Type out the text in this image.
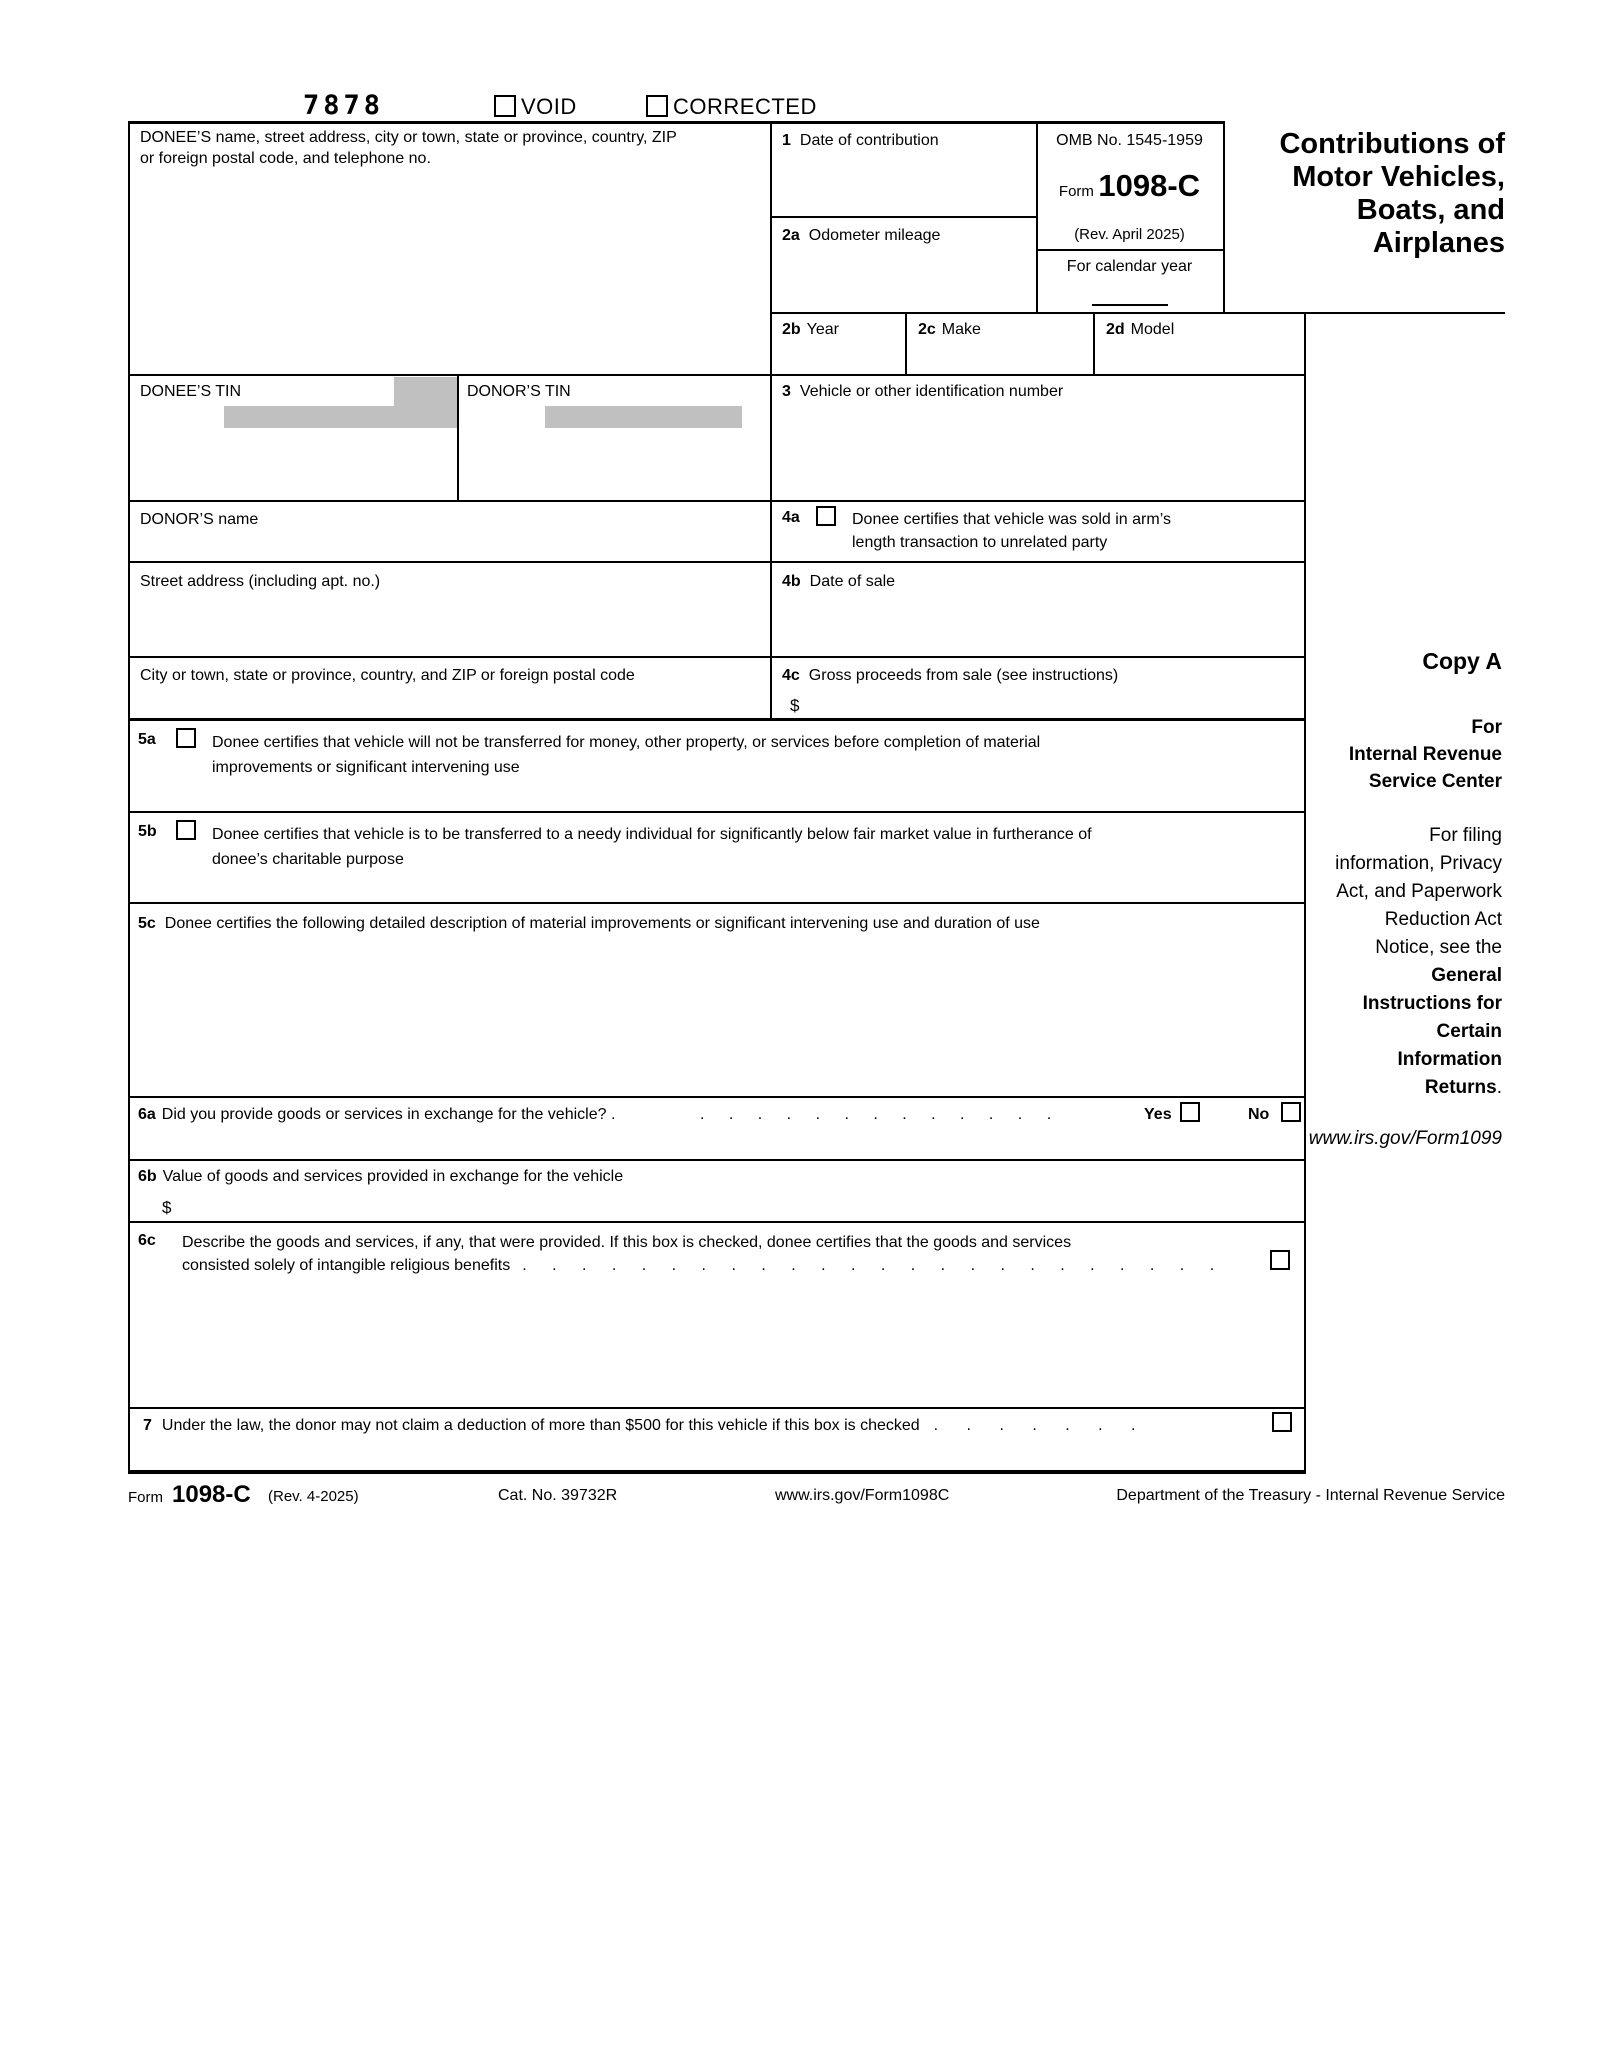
7878	VOID	CORRECTED
Contributions of
Motor Vehicles,
Boats, and
Airplanes
OMB No. 1545-1959
Form 1098-C
(Rev. April 2025)
For calendar year
DONEE’S name, street address, city or town, state or province, country, ZIP
or foreign postal code, and telephone no.
DONEE’S TIN	DONOR’S TIN
DONOR’S name
Street address (including apt. no.)
City or town, state or province, country, and ZIP or foreign postal code
1 Date of contribution
2a Odometer mileage
2b Year	2c Make	2d Model
3 Vehicle or other identification number
4a	Donee certifies that vehicle was sold in arm’s
length transaction to unrelated party
4b Date of sale
4c Gross proceeds from sale (see instructions)
$
5a	Donee certifies that vehicle will not be transferred for money, other property, or services before completion of material
improvements or significant intervening use
5b	Donee certifies that vehicle is to be transferred to a needy individual for significantly below fair market value in furtherance of
donee’s charitable purpose
5c Donee certifies the following detailed description of material improvements or significant intervening use and duration of use
6a Did you provide goods or services in exchange for the vehicle? .	. . . . . . . . . . . . .	Yes	No
6b Value of goods and services provided in exchange for the vehicle
$
6c Describe the goods and services, if any, that were provided. If this box is checked, donee certifies that the goods and services
consisted solely of intangible religious benefits . . . . . . . . . . . . . . . . . . . . . . . .
7 Under the law, the donor may not claim a deduction of more than $500 for this vehicle if this box is checked . . . . . . .
Copy A
For
Internal Revenue
Service Center
For filing
information, Privacy
Act, and Paperwork
Reduction Act
Notice, see the
General
Instructions for
Certain
Information
Returns.
www.irs.gov/Form1099
Form 1098-C (Rev. 4-2025)	Cat. No. 39732R	www.irs.gov/Form1098C	Department of the Treasury - Internal Revenue Service
